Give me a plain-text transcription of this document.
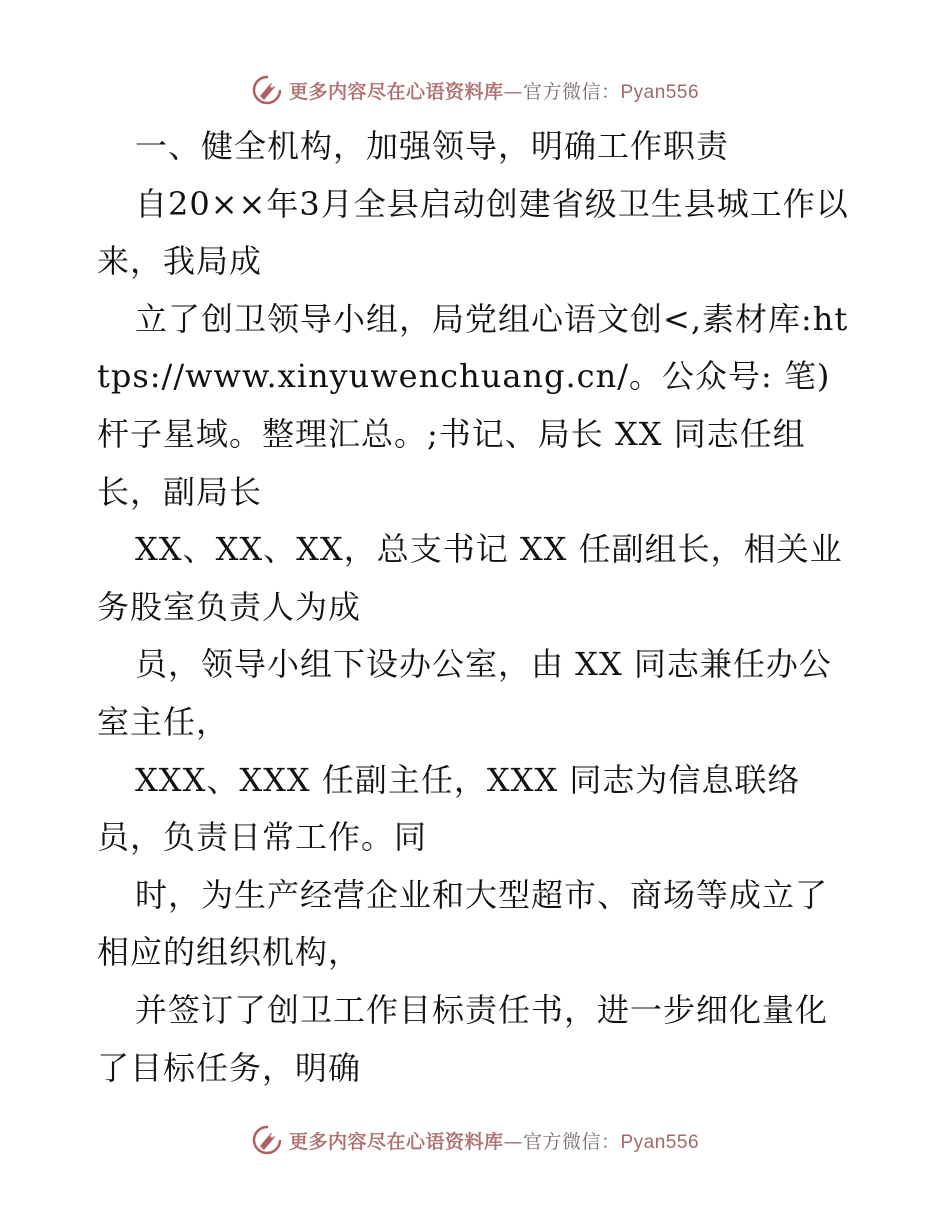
更多内容尽在心语资料库—官方微信：Pyan556

一、健全机构，加强领导，明确工作职责

自20××年3月全县启动创建省级卫生县城工作以来，我局成

立了创卫领导小组，局党组心语文创<,素材库:https://www.xinyuwenchuang.cn/。公众号: 笔)杆子星域。整理汇总。;书记、局长 XX 同志任组长，副局长

XX、XX、XX，总支书记 XX 任副组长，相关业务股室负责人为成

员，领导小组下设办公室，由 XX 同志兼任办公室主任，

XXX、XXX 任副主任，XXX 同志为信息联络员，负责日常工作。同

时，为生产经营企业和大型超市、商场等成立了相应的组织机构，

并签订了创卫工作目标责任书，进一步细化量化了目标任务，明确

更多内容尽在心语资料库—官方微信：Pyan556
